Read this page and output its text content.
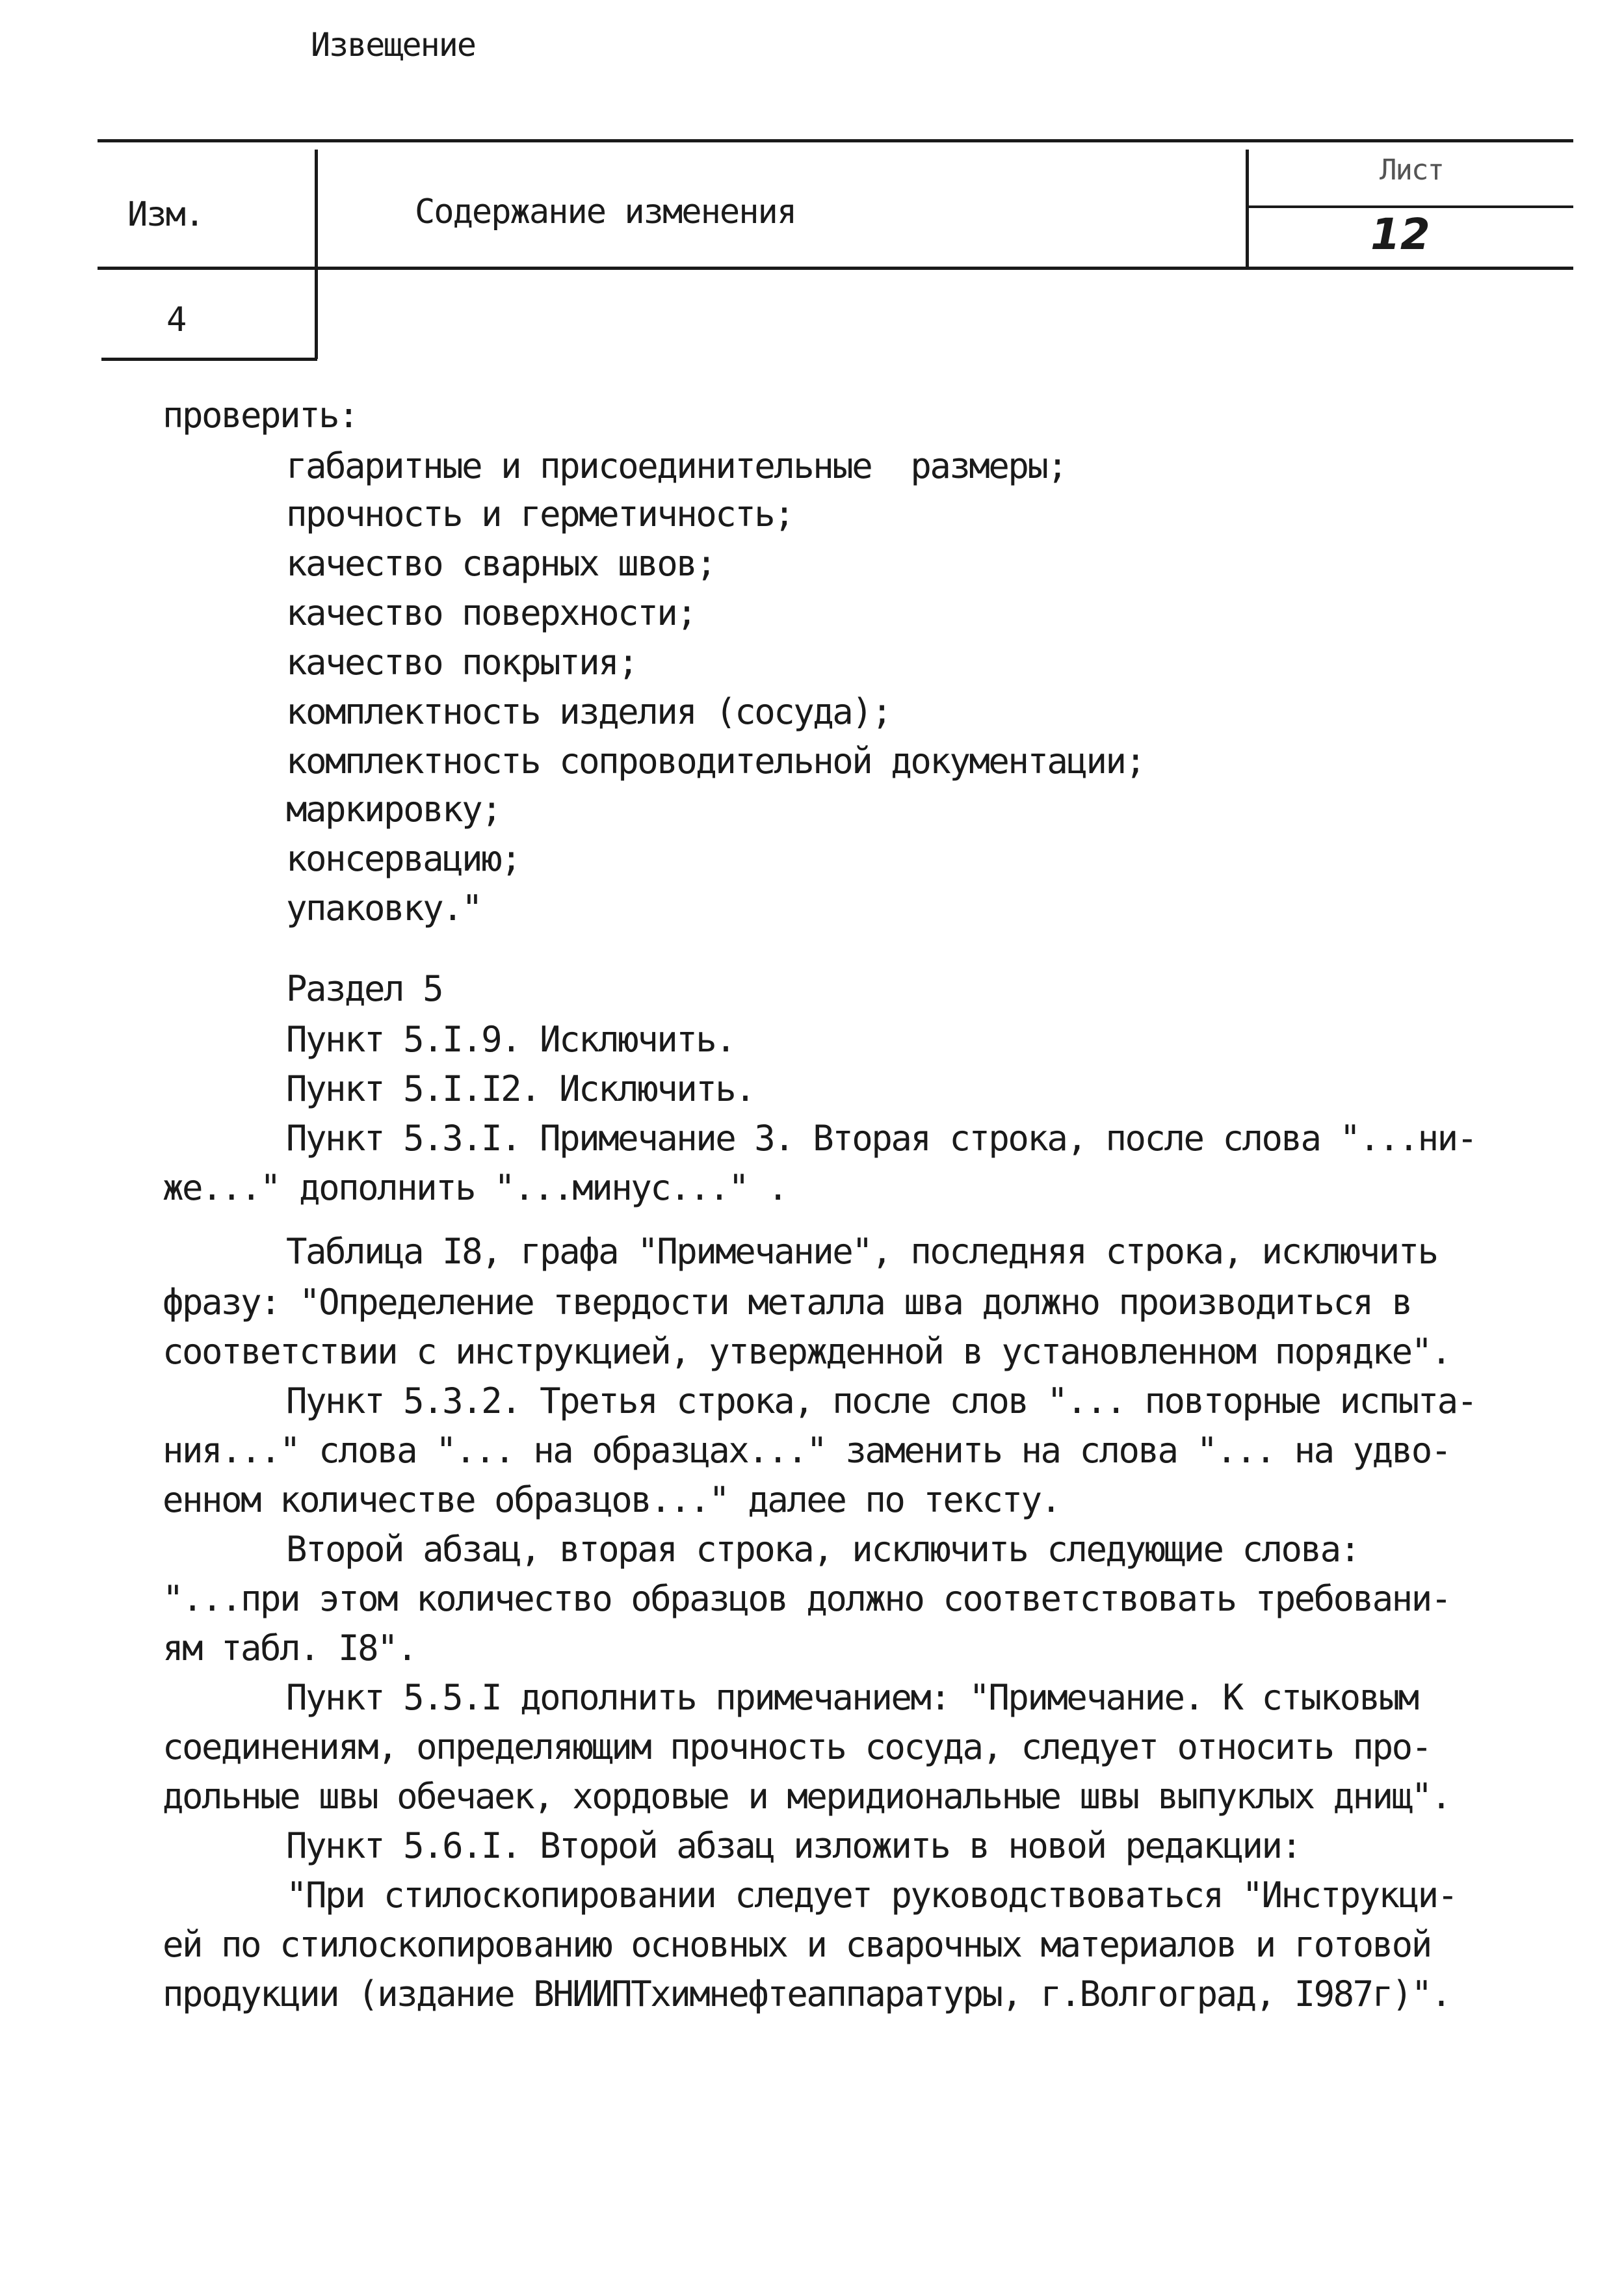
Извещение
Изм.	Содержание изменения
Лист
12
4
проверить:
габаритные и присоединительные  размеры;
прочность и герметичность;
качество сварных швов;
качество поверхности;
качество покрытия;
комплектность изделия (сосуда);
комплектность сопроводительной документации;
маркировку;
консервацию;
упаковку."
Раздел 5
Пункт 5.I.9. Исключить.
Пункт 5.I.I2. Исключить.
Пункт 5.3.I. Примечание 3. Вторая строка, после слова "...ни-
же..." дополнить "...минус..." .
Таблица I8, графа "Примечание", последняя строка, исключить
фразу: "Определение твердости металла шва должно производиться в
соответствии с инструкцией, утвержденной в установленном порядке".
Пункт 5.3.2. Третья строка, после слов "... повторные испыта-
ния..." слова "... на образцах..." заменить на слова "... на удво-
енном количестве образцов..." далее по тексту.
Второй абзац, вторая строка, исключить следующие слова:
"...при этом количество образцов должно соответствовать требовани-
ям табл. I8".
Пункт 5.5.I дополнить примечанием: "Примечание. К стыковым
соединениям, определяющим прочность сосуда, следует относить про-
дольные швы обечаек, хордовые и меридиональные швы выпуклых днищ".
Пункт 5.6.I. Второй абзац изложить в новой редакции:
"При стилоскопировании следует руководствоваться "Инструкци-
ей по стилоскопированию основных и сварочных материалов и готовой
продукции (издание ВНИИПТхимнефтеаппаратуры, г.Волгоград, I987г)".
